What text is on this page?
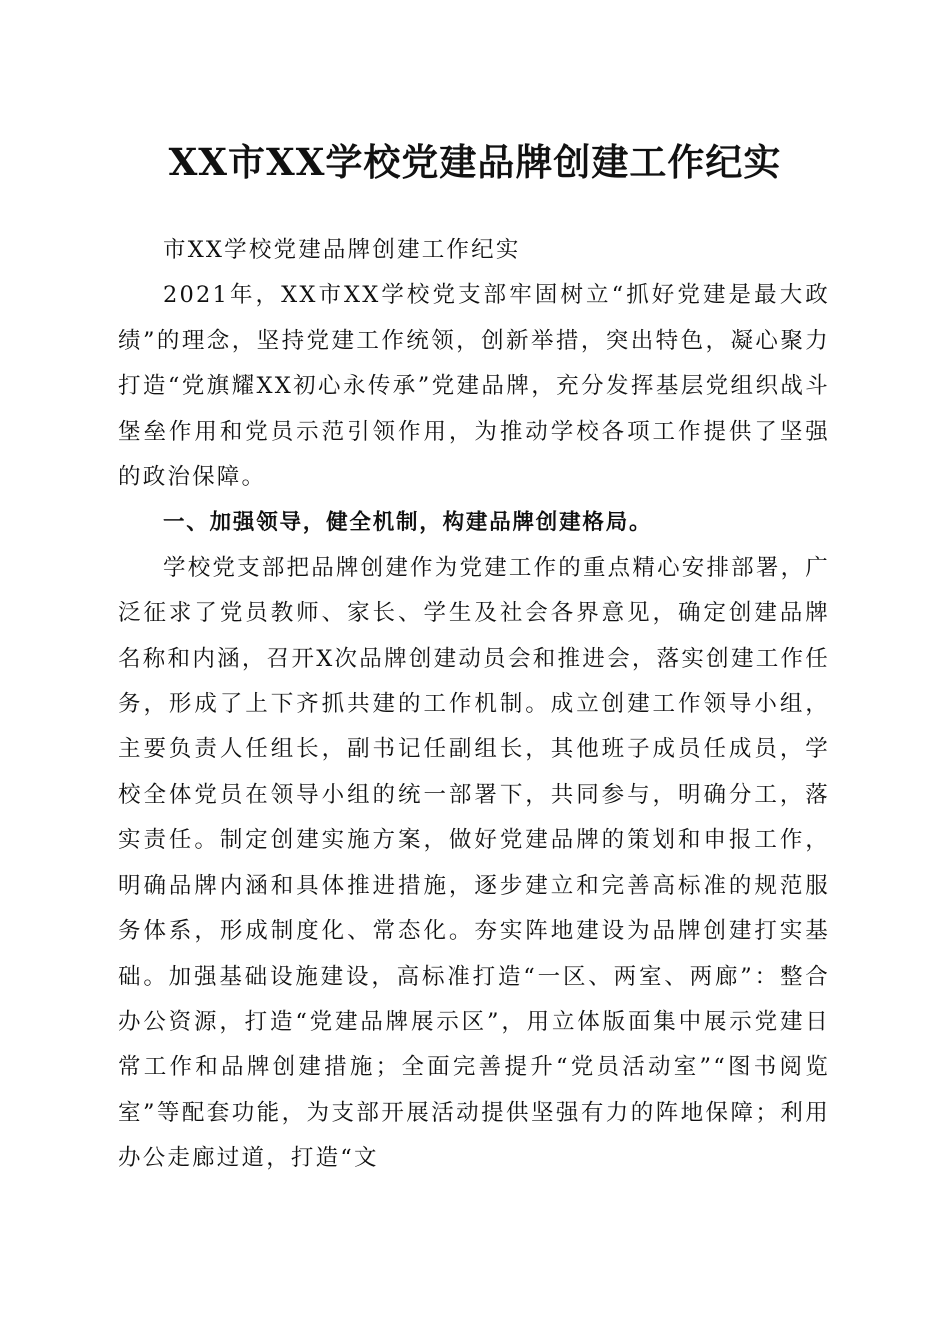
XX市XX学校党建品牌创建工作纪实

市XX学校党建品牌创建工作纪实

2021年，XX市XX学校党支部牢固树立“抓好党建是最大政绩”的理念，坚持党建工作统领，创新举措，突出特色，凝心聚力打造“党旗耀XX初心永传承”党建品牌，充分发挥基层党组织战斗堡垒作用和党员示范引领作用，为推动学校各项工作提供了坚强的政治保障。

一、加强领导，健全机制，构建品牌创建格局。

学校党支部把品牌创建作为党建工作的重点精心安排部署，广泛征求了党员教师、家长、学生及社会各界意见，确定创建品牌名称和内涵，召开X次品牌创建动员会和推进会，落实创建工作任务，形成了上下齐抓共建的工作机制。成立创建工作领导小组，主要负责人任组长，副书记任副组长，其他班子成员任成员，学校全体党员在领导小组的统一部署下，共同参与，明确分工，落实责任。制定创建实施方案，做好党建品牌的策划和申报工作，明确品牌内涵和具体推进措施，逐步建立和完善高标准的规范服务体系，形成制度化、常态化。夯实阵地建设为品牌创建打实基础。加强基础设施建设，高标准打造“一区、两室、两廊”：整合办公资源，打造“党建品牌展示区”，用立体版面集中展示党建日常工作和品牌创建措施；全面完善提升“党员活动室”“图书阅览室”等配套功能，为支部开展活动提供坚强有力的阵地保障；利用办公走廊过道，打造“文
